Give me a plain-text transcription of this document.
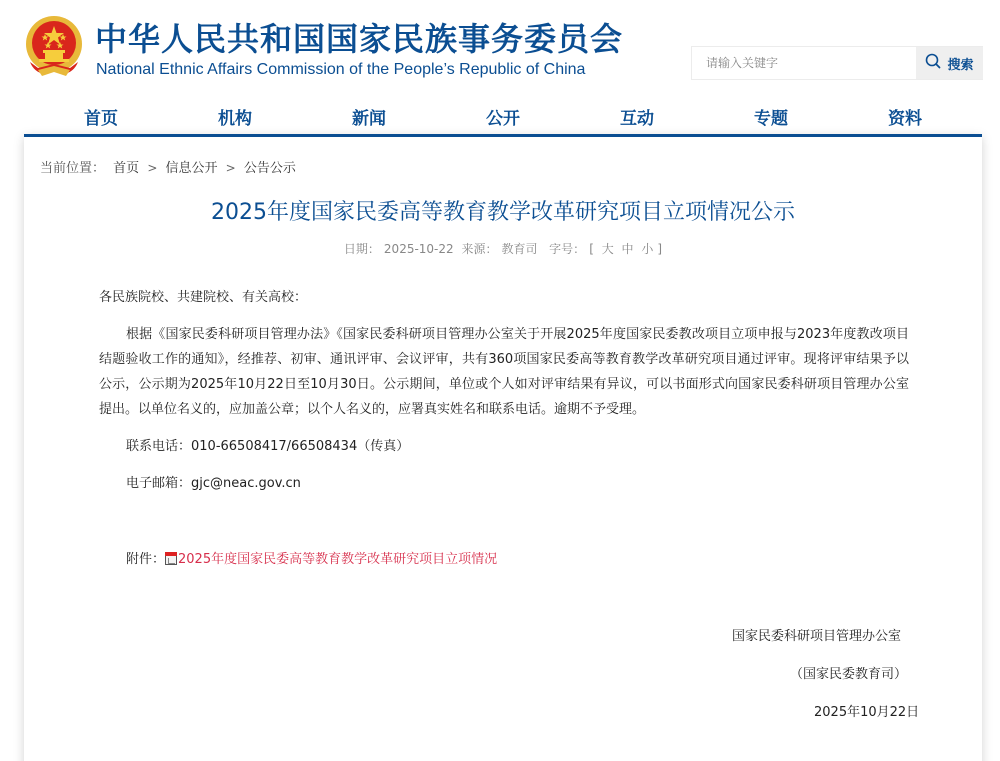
中华人民共和国国家民族事务委员会
National Ethnic Affairs Commission of the People’s Republic of China
请输入关键字	搜索
首页	机构	新闻	公开	互动	专题	资料
当前位置： 首页 > 信息公开 > 公告公示
2025年度国家民委高等教育教学改革研究项目立项情况公示
日期： 2025-10-22 来源： 教育司 字号： [ 大 中 小 ]

各民族院校、共建院校、有关高校：

根据《国家民委科研项目管理办法》《国家民委科研项目管理办公室关于开展2025年度国家民委教改项目立项申报与2023年度教改项目结题验收工作的通知》，经推荐、初审、通讯评审、会议评审，共有360项国家民委高等教育教学改革研究项目通过评审。现将评审结果予以公示，公示期为2025年10月22日至10月30日。公示期间，单位或个人如对评审结果有异议，可以书面形式向国家民委科研项目管理办公室提出。以单位名义的，应加盖公章；以个人名义的，应署真实姓名和联系电话。逾期不予受理。

联系电话：010-66508417/66508434（传真）

电子邮箱：gjc@neac.gov.cn

附件： 2025年度国家民委高等教育教学改革研究项目立项情况

国家民委科研项目管理办公室
（国家民委教育司）
2025年10月22日
